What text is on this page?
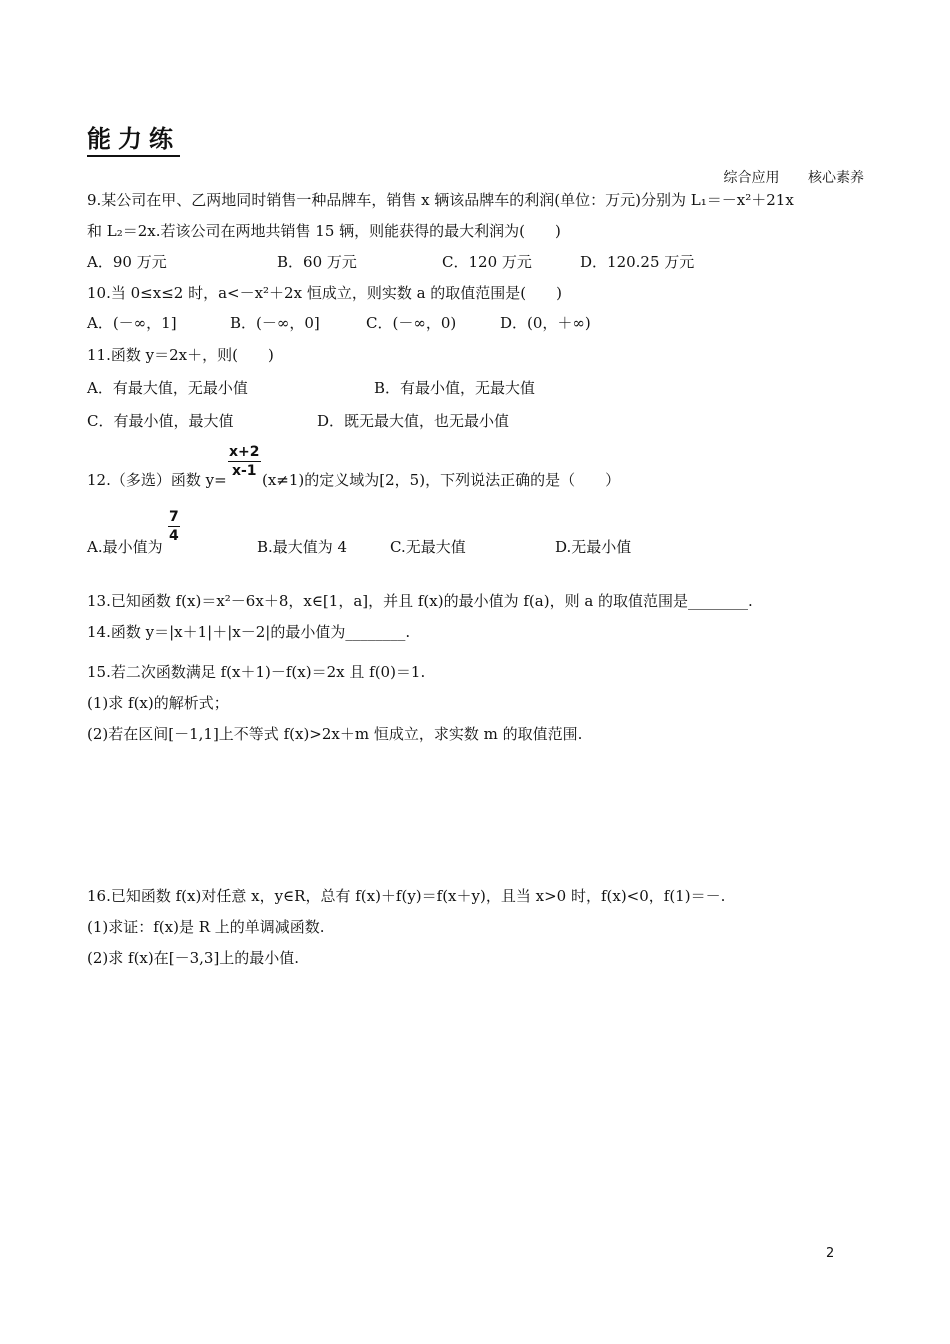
能力练
综合应用 核心素养
9.某公司在甲、乙两地同时销售一种品牌车，销售 x 辆该品牌车的利润(单位：万元)分别为 L₁＝－x²＋21x
和 L₂＝2x.若该公司在两地共销售 15 辆，则能获得的最大利润为(　　)
A．90 万元	B．60 万元	C．120 万元	D．120.25 万元
10.当 0≤x≤2 时，a<－x²＋2x 恒成立，则实数 a 的取值范围是(　　)
A．(－∞，1]	B．(－∞，0]	C．(－∞，0)	D．(0，＋∞)
11.函数 y＝2x＋，则(　　)
A．有最大值，无最小值	B．有最小值，无最大值
C．有最小值，最大值	D．既无最大值，也无最小值
$\frac{x+2}{x-1}$
12.（多选）函数 y= (x≠1)的定义域为[2，5)，下列说法正确的是（　　）
$\frac{7}{4}$
A.最小值为	B.最大值为 4	C.无最大值	D.无最小值
13.已知函数 f(x)＝x²－6x＋8，x∈[1，a]，并且 f(x)的最小值为 f(a)，则 a 的取值范围是________.
14.函数 y＝|x＋1|＋|x－2|的最小值为________.
15.若二次函数满足 f(x＋1)－f(x)＝2x 且 f(0)＝1.
(1)求 f(x)的解析式；
(2)若在区间[－1,1]上不等式 f(x)>2x＋m 恒成立，求实数 m 的取值范围.
16.已知函数 f(x)对任意 x，y∈R，总有 f(x)＋f(y)＝f(x＋y)，且当 x>0 时，f(x)<0，f(1)＝－.
(1)求证：f(x)是 R 上的单调减函数.
(2)求 f(x)在[－3,3]上的最小值.
2
